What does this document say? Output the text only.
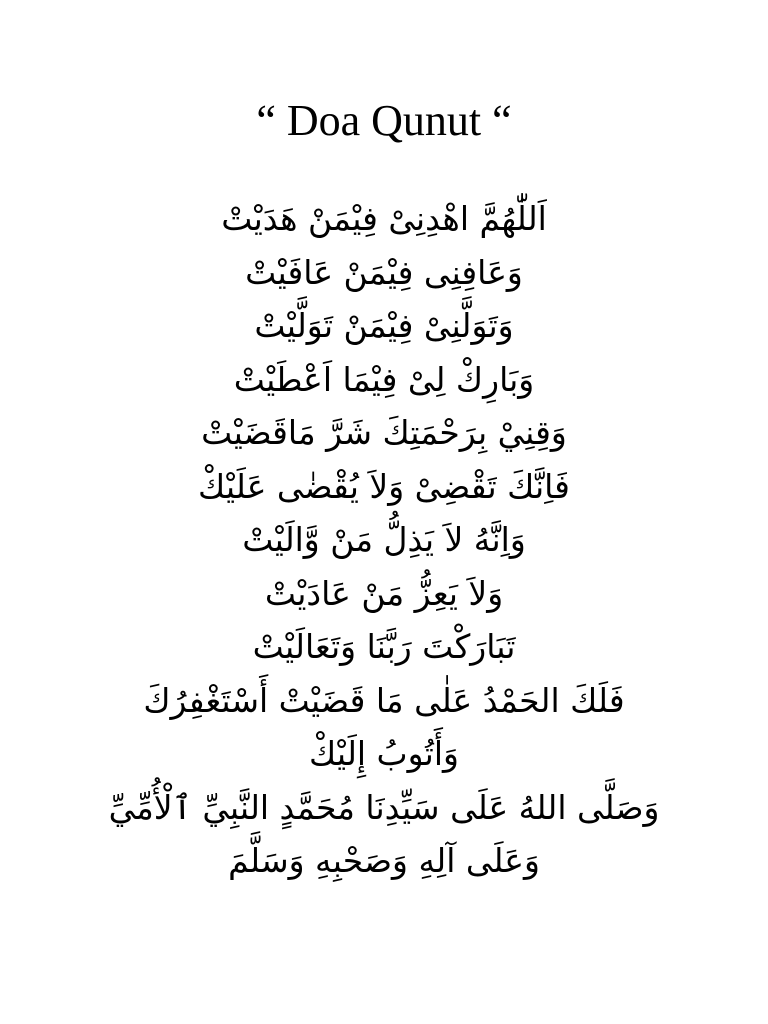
“ Doa Qunut “
اَللّٰهُمَّ اهْدِنِىْ فِيْمَنْ هَدَيْتْ
وَعَافِنِى فِيْمَنْ عَافَيْتْ
وَتَوَلَّنِىْ فِيْمَنْ تَوَلَّيْتْ
وَبَارِكْ لِىْ فِيْمَا اَعْطَيْتْ
وَقِنِيْ بِرَحْمَتِكَ شَرَّ مَاقَضَيْتْ
فَاِنَّكَ تَقْضِىْ وَلاَ يُقْضٰى عَلَيْكْ
وَاِنَّهُ لاَ يَذِلُّ مَنْ وَّالَيْتْ
وَلاَ يَعِزُّ مَنْ عَادَيْتْ
تَبَارَكْتَ رَبَّنَا وَتَعَالَيْتْ
فَلَكَ الحَمْدُ عَلٰى مَا قَضَيْتْ أَسْتَغْفِرُكَ
وَأَتُوبُ إِلَيْكْ
وَصَلَّى اللهُ عَلَى سَيِّدِنَا مُحَمَّدٍ النَّبِيِّ ٱلْأُمِّيِّ
وَعَلَى آلِهِ وَصَحْبِهِ وَسَلَّمَ
